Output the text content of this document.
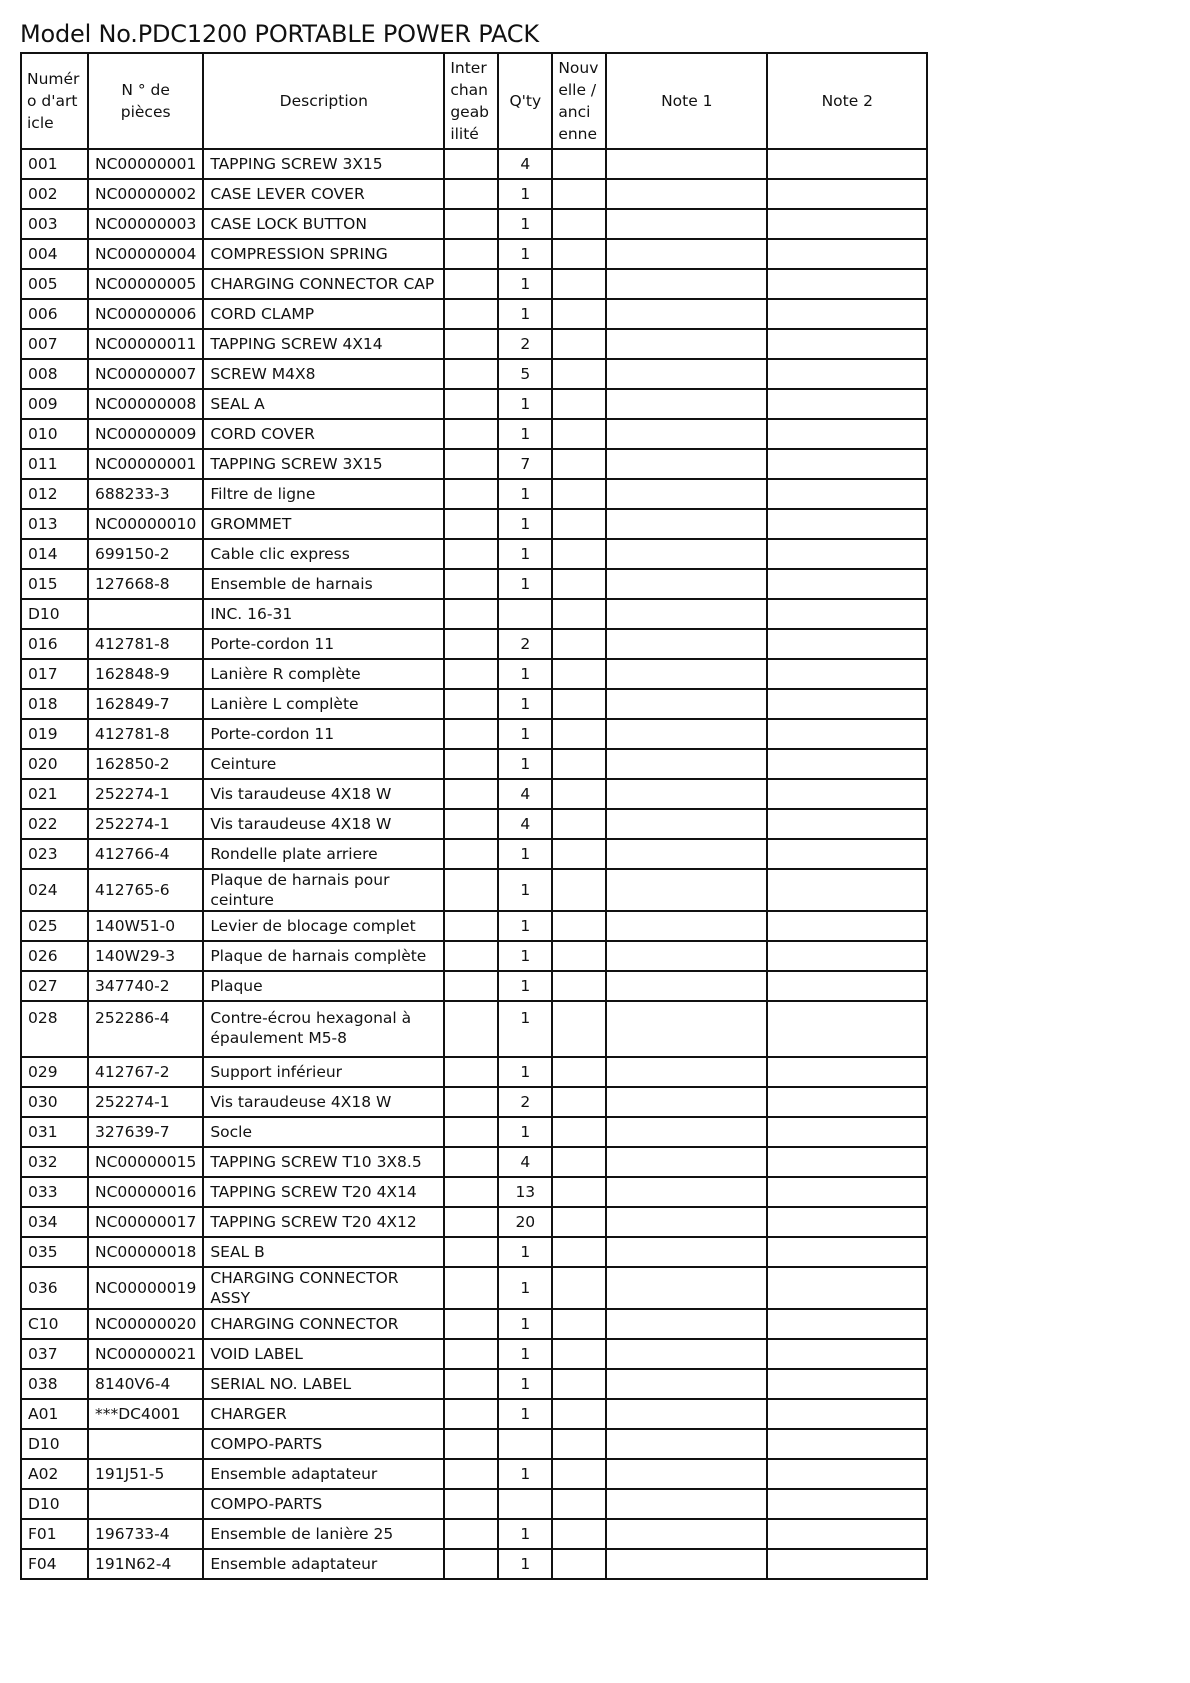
Model No.PDC1200 PORTABLE POWER PACK
Numéro d'article	N ° de pièces	Description	Interchangeabilité	Q'ty	Nouvelle / ancienne	Note 1	Note 2
001	NC00000001	TAPPING SCREW 3X15		4			
002	NC00000002	CASE LEVER COVER		1			
003	NC00000003	CASE LOCK BUTTON		1			
004	NC00000004	COMPRESSION SPRING		1			
005	NC00000005	CHARGING CONNECTOR CAP		1			
006	NC00000006	CORD CLAMP		1			
007	NC00000011	TAPPING SCREW 4X14		2			
008	NC00000007	SCREW M4X8		5			
009	NC00000008	SEAL A		1			
010	NC00000009	CORD COVER		1			
011	NC00000001	TAPPING SCREW 3X15		7			
012	688233-3	Filtre de ligne		1			
013	NC00000010	GROMMET		1			
014	699150-2	Cable clic express		1			
015	127668-8	Ensemble de harnais		1			
D10		INC. 16-31					
016	412781-8	Porte-cordon 11		2			
017	162848-9	Lanière R complète		1			
018	162849-7	Lanière L complète		1			
019	412781-8	Porte-cordon 11		1			
020	162850-2	Ceinture		1			
021	252274-1	Vis taraudeuse 4X18 W		4			
022	252274-1	Vis taraudeuse 4X18 W		4			
023	412766-4	Rondelle plate arriere		1			
024	412765-6	Plaque de harnais pour ceinture		1			
025	140W51-0	Levier de blocage complet		1			
026	140W29-3	Plaque de harnais complète		1			
027	347740-2	Plaque		1			
028	252286-4	Contre-écrou hexagonal à épaulement M5-8		1			
029	412767-2	Support inférieur		1			
030	252274-1	Vis taraudeuse 4X18 W		2			
031	327639-7	Socle		1			
032	NC00000015	TAPPING SCREW T10 3X8.5		4			
033	NC00000016	TAPPING SCREW T20 4X14		13			
034	NC00000017	TAPPING SCREW T20 4X12		20			
035	NC00000018	SEAL B		1			
036	NC00000019	CHARGING CONNECTOR ASSY		1			
C10	NC00000020	CHARGING CONNECTOR		1			
037	NC00000021	VOID LABEL		1			
038	8140V6-4	SERIAL NO. LABEL		1			
A01	***DC4001	CHARGER		1			
D10		COMPO-PARTS					
A02	191J51-5	Ensemble adaptateur		1			
D10		COMPO-PARTS					
F01	196733-4	Ensemble de lanière 25		1			
F04	191N62-4	Ensemble adaptateur		1			
